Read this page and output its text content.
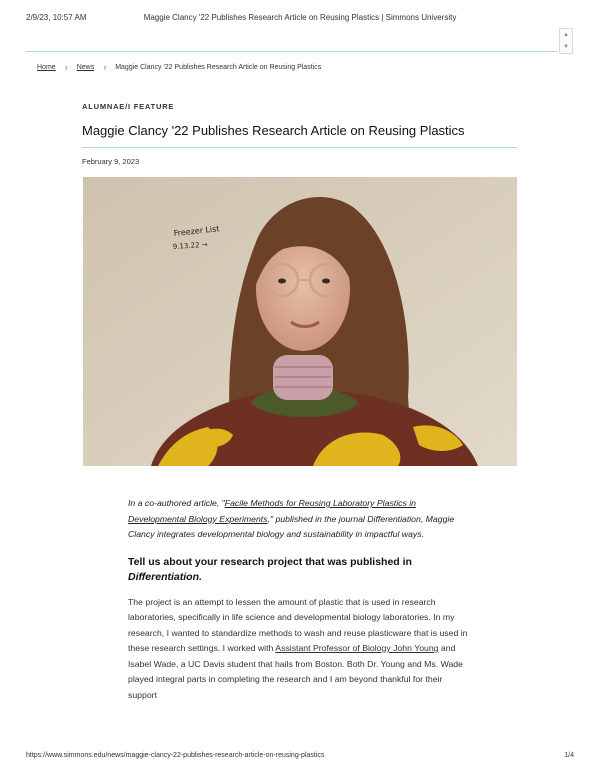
2/9/23, 10:57 AM	Maggie Clancy '22 Publishes Research Article on Reusing Plastics | Simmons University
▲
▼
Home › News › Maggie Clancy '22 Publishes Research Article on Reusing Plastics
ALUMNAE/I FEATURE
Maggie Clancy '22 Publishes Research Article on Reusing Plastics
February 9, 2023
Freezer List
9.13.22 →

In a co-authored article, "Facile Methods for Reusing Laboratory Plastics in Developmental Biology Experiments," published in the journal Differentiation, Maggie Clancy integrates developmental biology and sustainability in impactful ways.

Tell us about your research project that was published in Differentiation.

The project is an attempt to lessen the amount of plastic that is used in research laboratories, specifically in life science and developmental biology laboratories. In my research, I wanted to standardize methods to wash and reuse plasticware that is used in these research settings. I worked with Assistant Professor of Biology John Young and Isabel Wade, a UC Davis student that hails from Boston. Both Dr. Young and Ms. Wade played integral parts in completing the research and I am beyond thankful for their support

https://www.simmons.edu/news/maggie-clancy-22-publishes-research-article-on-reusing-plastics	1/4
